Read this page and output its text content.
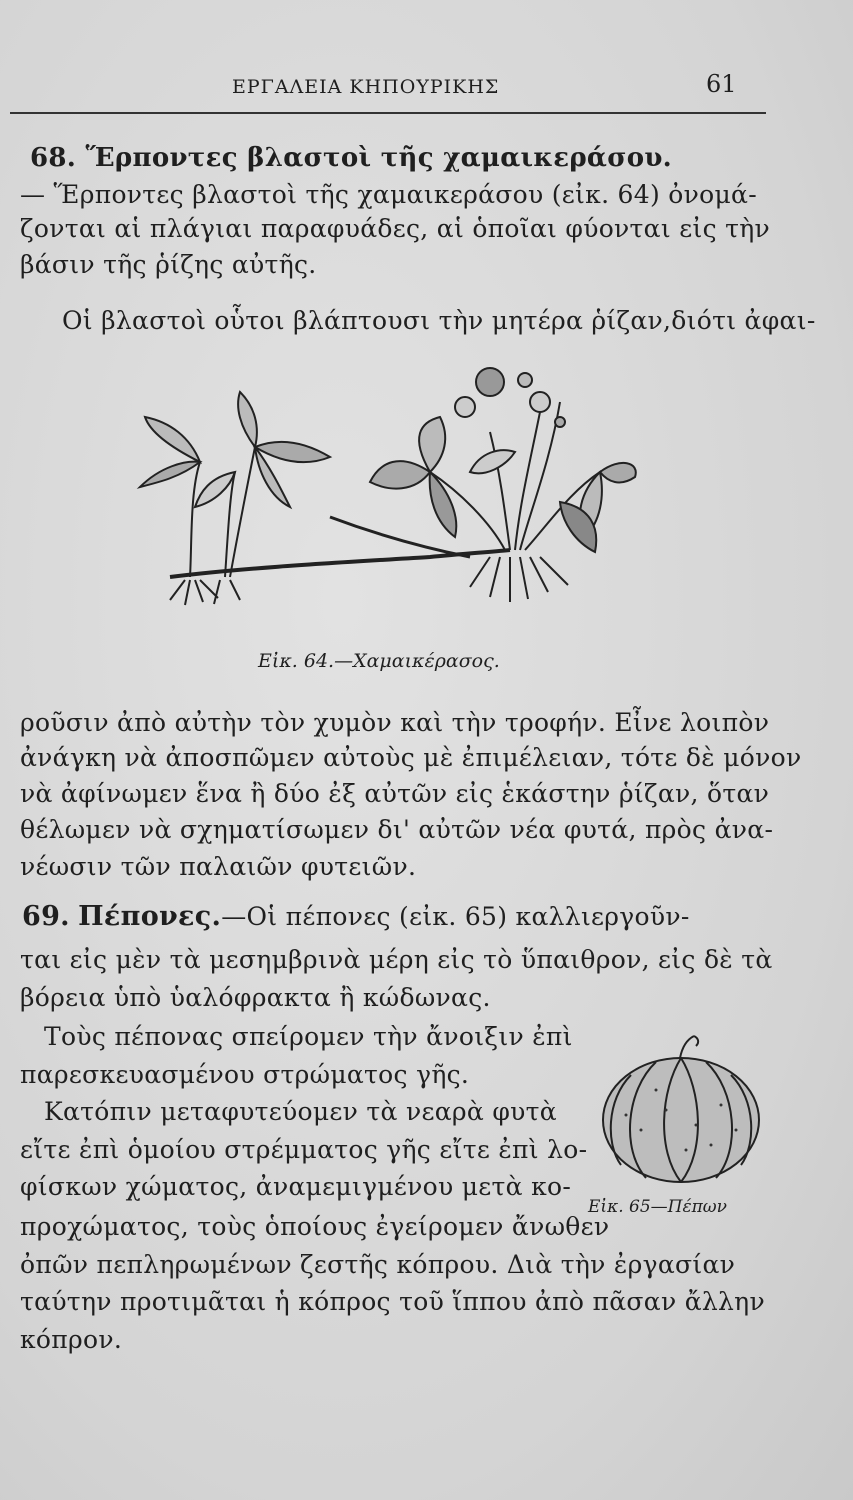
ΕΡΓΑΛΕΙΑ ΚΗΠΟΥΡΙΚΗΣ	61
68. Ἕρποντες βλαστοὶ τῆς χαμαικεράσου.
— Ἕρποντες βλαστοὶ τῆς χαμαικεράσου (εἰκ. 64) ὀνομά-
ζονται αἱ πλάγιαι παραφυάδες, αἱ ὁποῖαι φύονται εἰς τὴν
βάσιν τῆς ῥίζης αὐτῆς.
Οἱ βλαστοὶ οὗτοι βλάπτουσι τὴν μητέρα ῥίζαν,διότι ἀφαι-
Εἰκ. 64.—Χαμαικέρασος.
ροῦσιν ἀπὸ αὐτὴν τὸν χυμὸν καὶ τὴν τροφήν. Εἶνε λοιπὸν
ἀνάγκη νὰ ἀποσπῶμεν αὐτοὺς μὲ ἐπιμέλειαν, τότε δὲ μόνον
νὰ ἀφίνωμεν ἕνα ἢ δύο ἐξ αὐτῶν εἰς ἑκάστην ῥίζαν, ὅταν
θέλωμεν νὰ σχηματίσωμεν δι' αὐτῶν νέα φυτά, πρὸς ἀνα-
νέωσιν τῶν παλαιῶν φυτειῶν.
69. Πέπονες.—Οἱ πέπονες (εἰκ. 65) καλλιεργοῦν-
ται εἰς μὲν τὰ μεσημβρινὰ μέρη εἰς τὸ ὕπαιθρον, εἰς δὲ τὰ
βόρεια ὑπὸ ὑαλόφρακτα ἢ κώδωνας.
Τοὺς πέπονας σπείρομεν τὴν ἄνοιξιν ἐπὶ
παρεσκευασμένου στρώματος γῆς.
Κατόπιν μεταφυτεύομεν τὰ νεαρὰ φυτὰ
εἴτε ἐπὶ ὁμοίου στρέμματος γῆς εἴτε ἐπὶ λο-
φίσκων χώματος, ἀναμεμιγμένου μετὰ κο-
προχώματος, τοὺς ὁποίους ἐγείρομεν ἄνωθεν
ὀπῶν πεπληρωμένων ζεστῆς κόπρου. Διὰ τὴν ἐργασίαν
ταύτην προτιμᾶται ἡ κόπρος τοῦ ἵππου ἀπὸ πᾶσαν ἄλλην
κόπρον.
Εἰκ. 65—Πέπων
